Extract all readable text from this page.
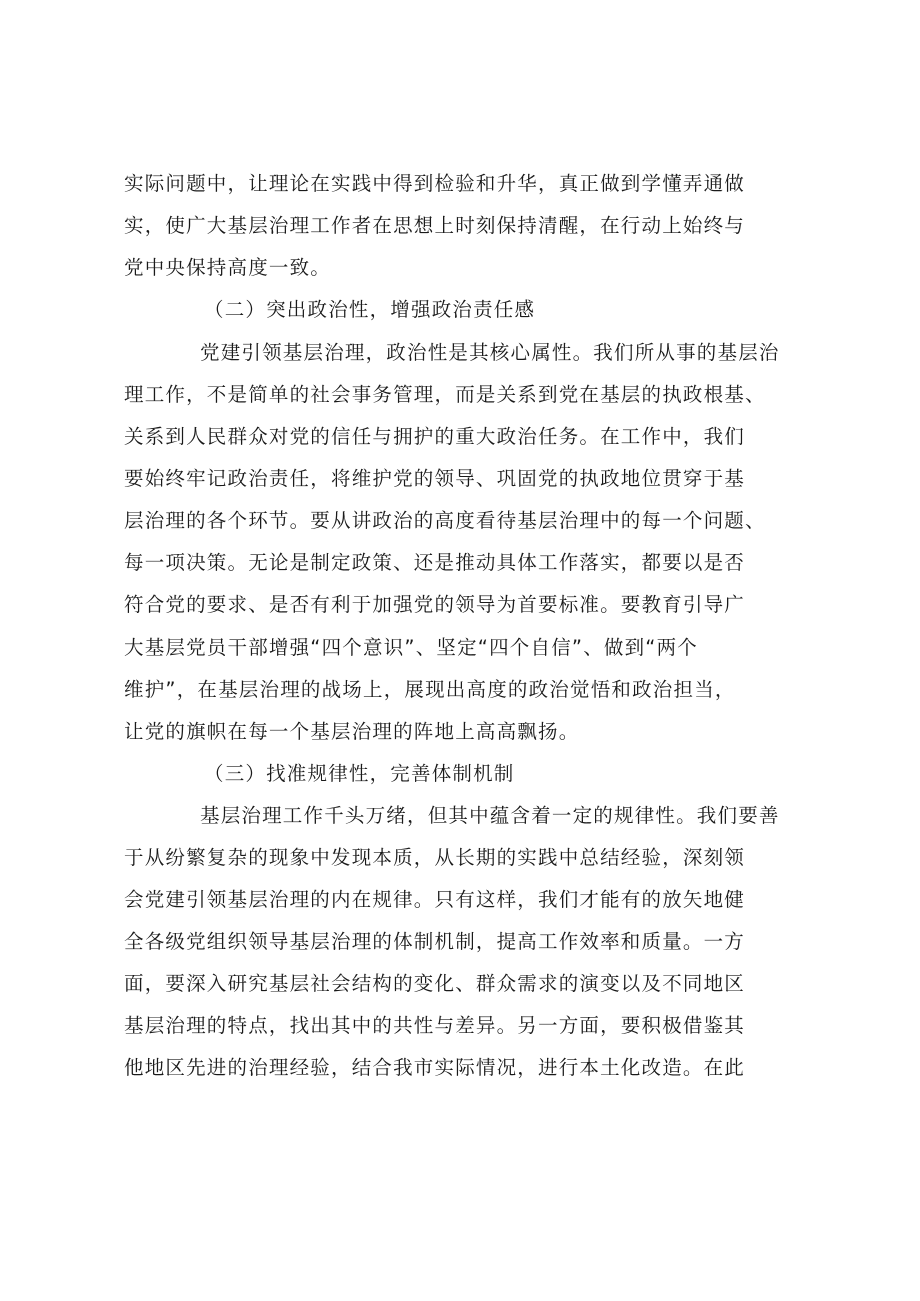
实际问题中，让理论在实践中得到检验和升华，真正做到学懂弄通做
实，使广大基层治理工作者在思想上时刻保持清醒，在行动上始终与
党中央保持高度一致。
（二）突出政治性，增强政治责任感
党建引领基层治理，政治性是其核心属性。我们所从事的基层治
理工作，不是简单的社会事务管理，而是关系到党在基层的执政根基、
关系到人民群众对党的信任与拥护的重大政治任务。在工作中，我们
要始终牢记政治责任，将维护党的领导、巩固党的执政地位贯穿于基
层治理的各个环节。要从讲政治的高度看待基层治理中的每一个问题、
每一项决策。无论是制定政策、还是推动具体工作落实，都要以是否
符合党的要求、是否有利于加强党的领导为首要标准。要教育引导广
大基层党员干部增强“四个意识”、坚定“四个自信”、做到“两个
维护”，在基层治理的战场上，展现出高度的政治觉悟和政治担当，
让党的旗帜在每一个基层治理的阵地上高高飘扬。
（三）找准规律性，完善体制机制
基层治理工作千头万绪，但其中蕴含着一定的规律性。我们要善
于从纷繁复杂的现象中发现本质，从长期的实践中总结经验，深刻领
会党建引领基层治理的内在规律。只有这样，我们才能有的放矢地健
全各级党组织领导基层治理的体制机制，提高工作效率和质量。一方
面，要深入研究基层社会结构的变化、群众需求的演变以及不同地区
基层治理的特点，找出其中的共性与差异。另一方面，要积极借鉴其
他地区先进的治理经验，结合我市实际情况，进行本土化改造。在此
